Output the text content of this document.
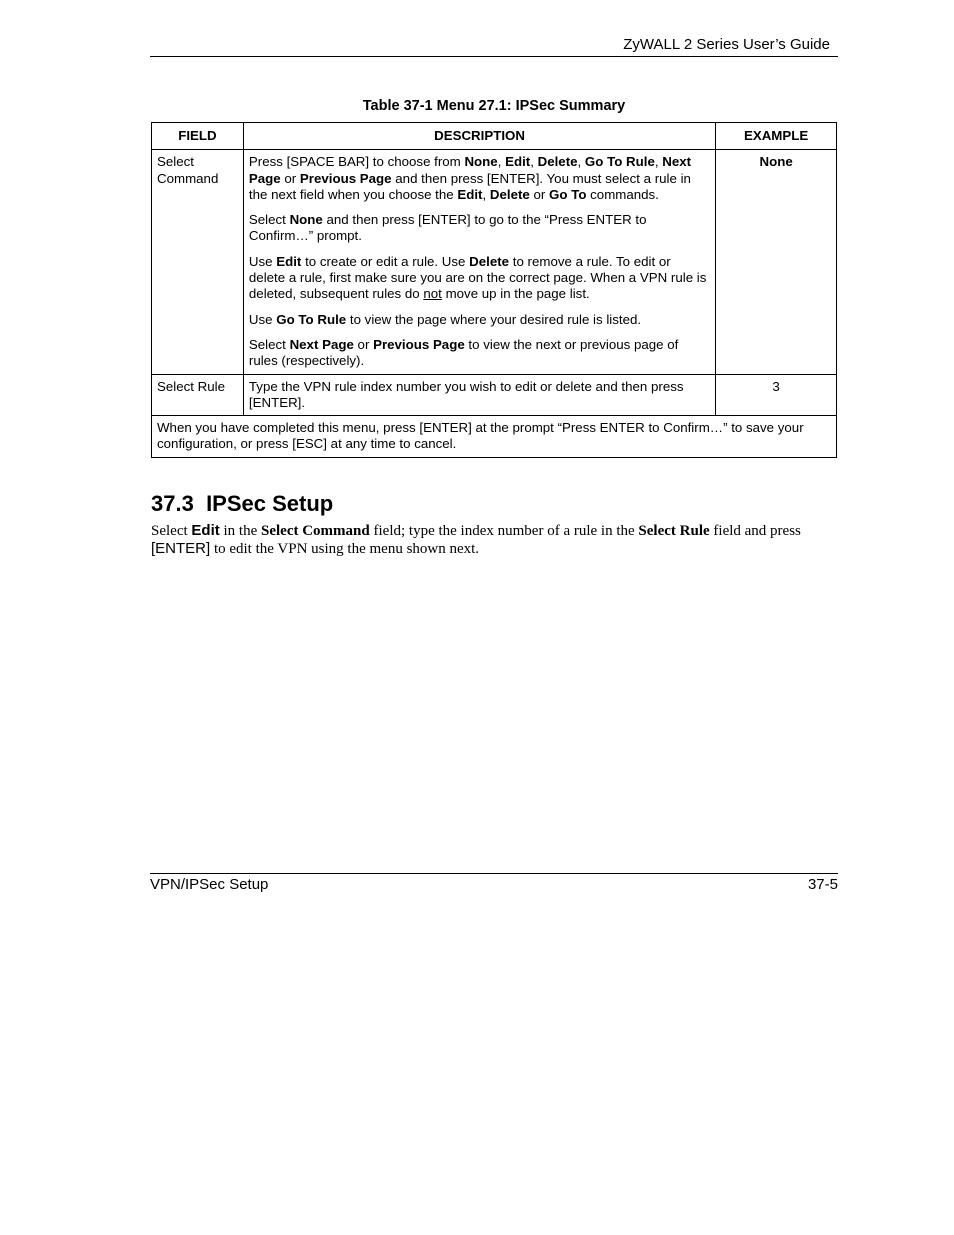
ZyWALL 2 Series User’s Guide
Table 37-1 Menu 27.1: IPSec Summary
FIELD	DESCRIPTION	EXAMPLE
Select Command	Press [SPACE BAR] to choose from None, Edit, Delete, Go To Rule, Next Page or Previous Page and then press [ENTER]. You must select a rule in the next field when you choose the Edit, Delete or Go To commands.
Select None and then press [ENTER] to go to the “Press ENTER to Confirm…” prompt.
Use Edit to create or edit a rule. Use Delete to remove a rule. To edit or delete a rule, first make sure you are on the correct page. When a VPN rule is deleted, subsequent rules do not move up in the page list.
Use Go To Rule to view the page where your desired rule is listed.
Select Next Page or Previous Page to view the next or previous page of rules (respectively).	None
Select Rule	Type the VPN rule index number you wish to edit or delete and then press [ENTER].	3
When you have completed this menu, press [ENTER] at the prompt “Press ENTER to Confirm…” to save your configuration, or press [ESC] at any time to cancel.		
37.3 IPSec Setup
Select Edit in the Select Command field; type the index number of a rule in the Select Rule field and press [ENTER] to edit the VPN using the menu shown next.
VPN/IPSec Setup	37-5
